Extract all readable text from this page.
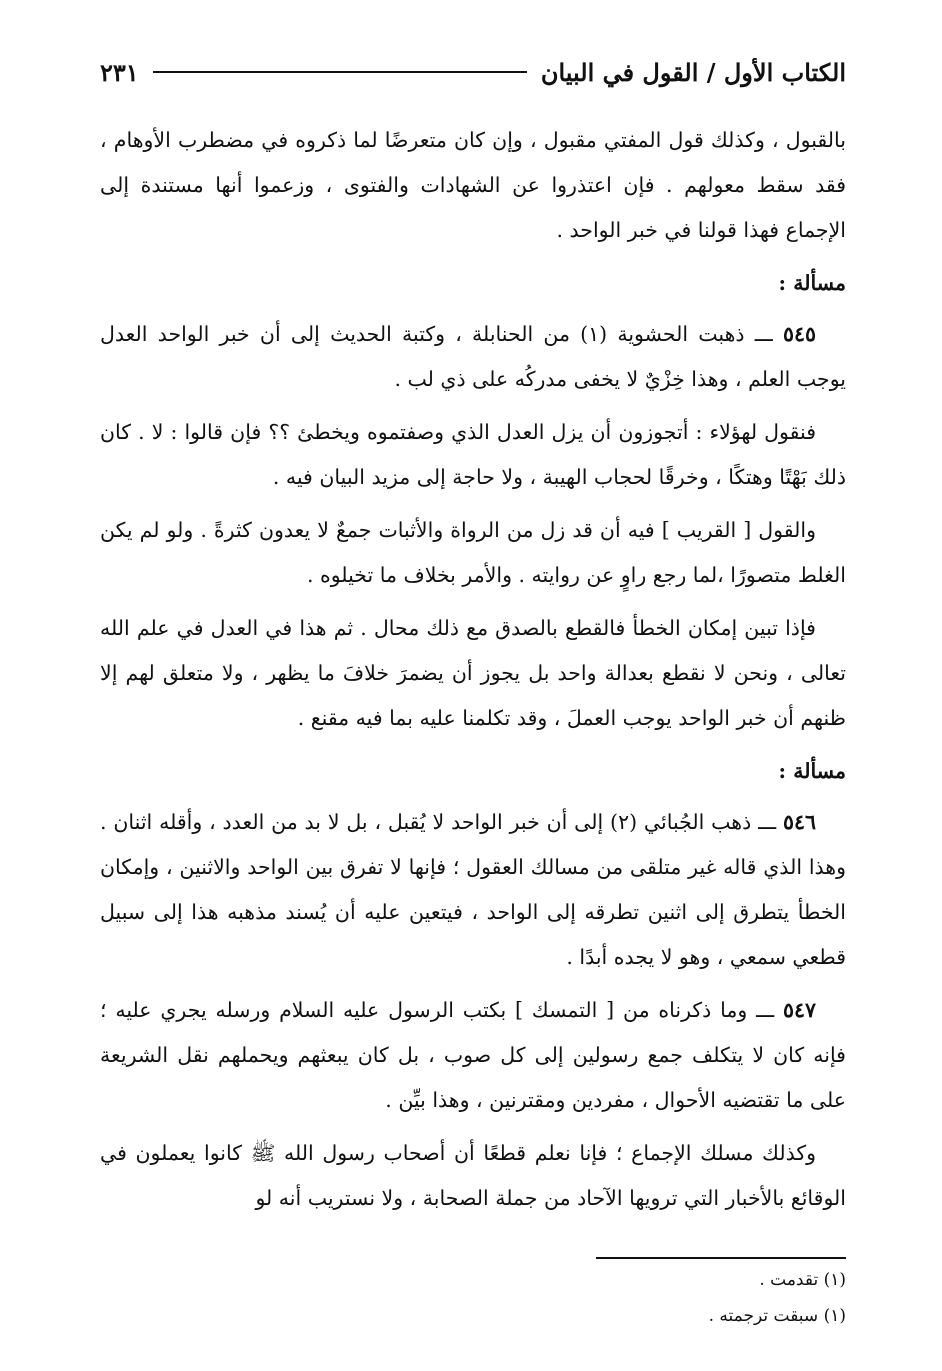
الكتاب الأول / القول في البيان
٢٣١

بالقبول ، وكذلك قول المفتي مقبول ، وإن كان متعرضًا لما ذكروه في مضطرب الأوهام ، فقد سقط معولهم . فإن اعتذروا عن الشهادات والفتوى ، وزعموا أنها مستندة إلى الإجماع فهذا قولنا في خبر الواحد .

مسألة :

٥٤٥ ـــ ذهبت الحشوية (١) من الحنابلة ، وكتبة الحديث إلى أن خبر الواحد العدل يوجب العلم ، وهذا خِزْيٌ لا يخفى مدركُه على ذي لب .

فنقول لهؤلاء : أتجوزون أن يزل العدل الذي وصفتموه ويخطئ ؟؟ فإن قالوا : لا . كان ذلك بَهْتًا وهتكًا ، وخرقًا لحجاب الهيبة ، ولا حاجة إلى مزيد البيان فيه .

والقول [ القريب ] فيه أن قد زل من الرواة والأثبات جمعٌ لا يعدون كثرةً . ولو لم يكن الغلط متصورًا ،لما رجع راوٍ عن روايته . والأمر بخلاف ما تخيلوه .

فإذا تبين إمكان الخطأ فالقطع بالصدق مع ذلك محال . ثم هذا في العدل في علم الله تعالى ، ونحن لا نقطع بعدالة واحد بل يجوز أن يضمرَ خلافَ ما يظهر ، ولا متعلق لهم إلا ظنهم أن خبر الواحد يوجب العملَ ، وقد تكلمنا عليه بما فيه مقنع .

مسألة :

٥٤٦ ـــ ذهب الجُبائي (٢) إلى أن خبر الواحد لا يُقبل ، بل لا بد من العدد ، وأقله اثنان . وهذا الذي قاله غير متلقى من مسالك العقول ؛ فإنها لا تفرق بين الواحد والاثنين ، وإمكان الخطأ يتطرق إلى اثنين تطرقه إلى الواحد ، فيتعين عليه أن يُسند مذهبه هذا إلى سبيل قطعي سمعي ، وهو لا يجده أبدًا .

٥٤٧ ـــ وما ذكرناه من [ التمسك ] بكتب الرسول عليه السلام ورسله يجري عليه ؛ فإنه كان لا يتكلف جمع رسولين إلى كل صوب ، بل كان يبعثهم ويحملهم نقل الشريعة على ما تقتضيه الأحوال ، مفردين ومقترنين ، وهذا بيِّن .

وكذلك مسلك الإجماع ؛ فإنا نعلم قطعًا أن أصحاب رسول الله ﷺ كانوا يعملون في الوقائع بالأخبار التي ترويها الآحاد من جملة الصحابة ، ولا نستريب أنه لو

(١) تقدمت .

(١) سبقت ترجمته .
